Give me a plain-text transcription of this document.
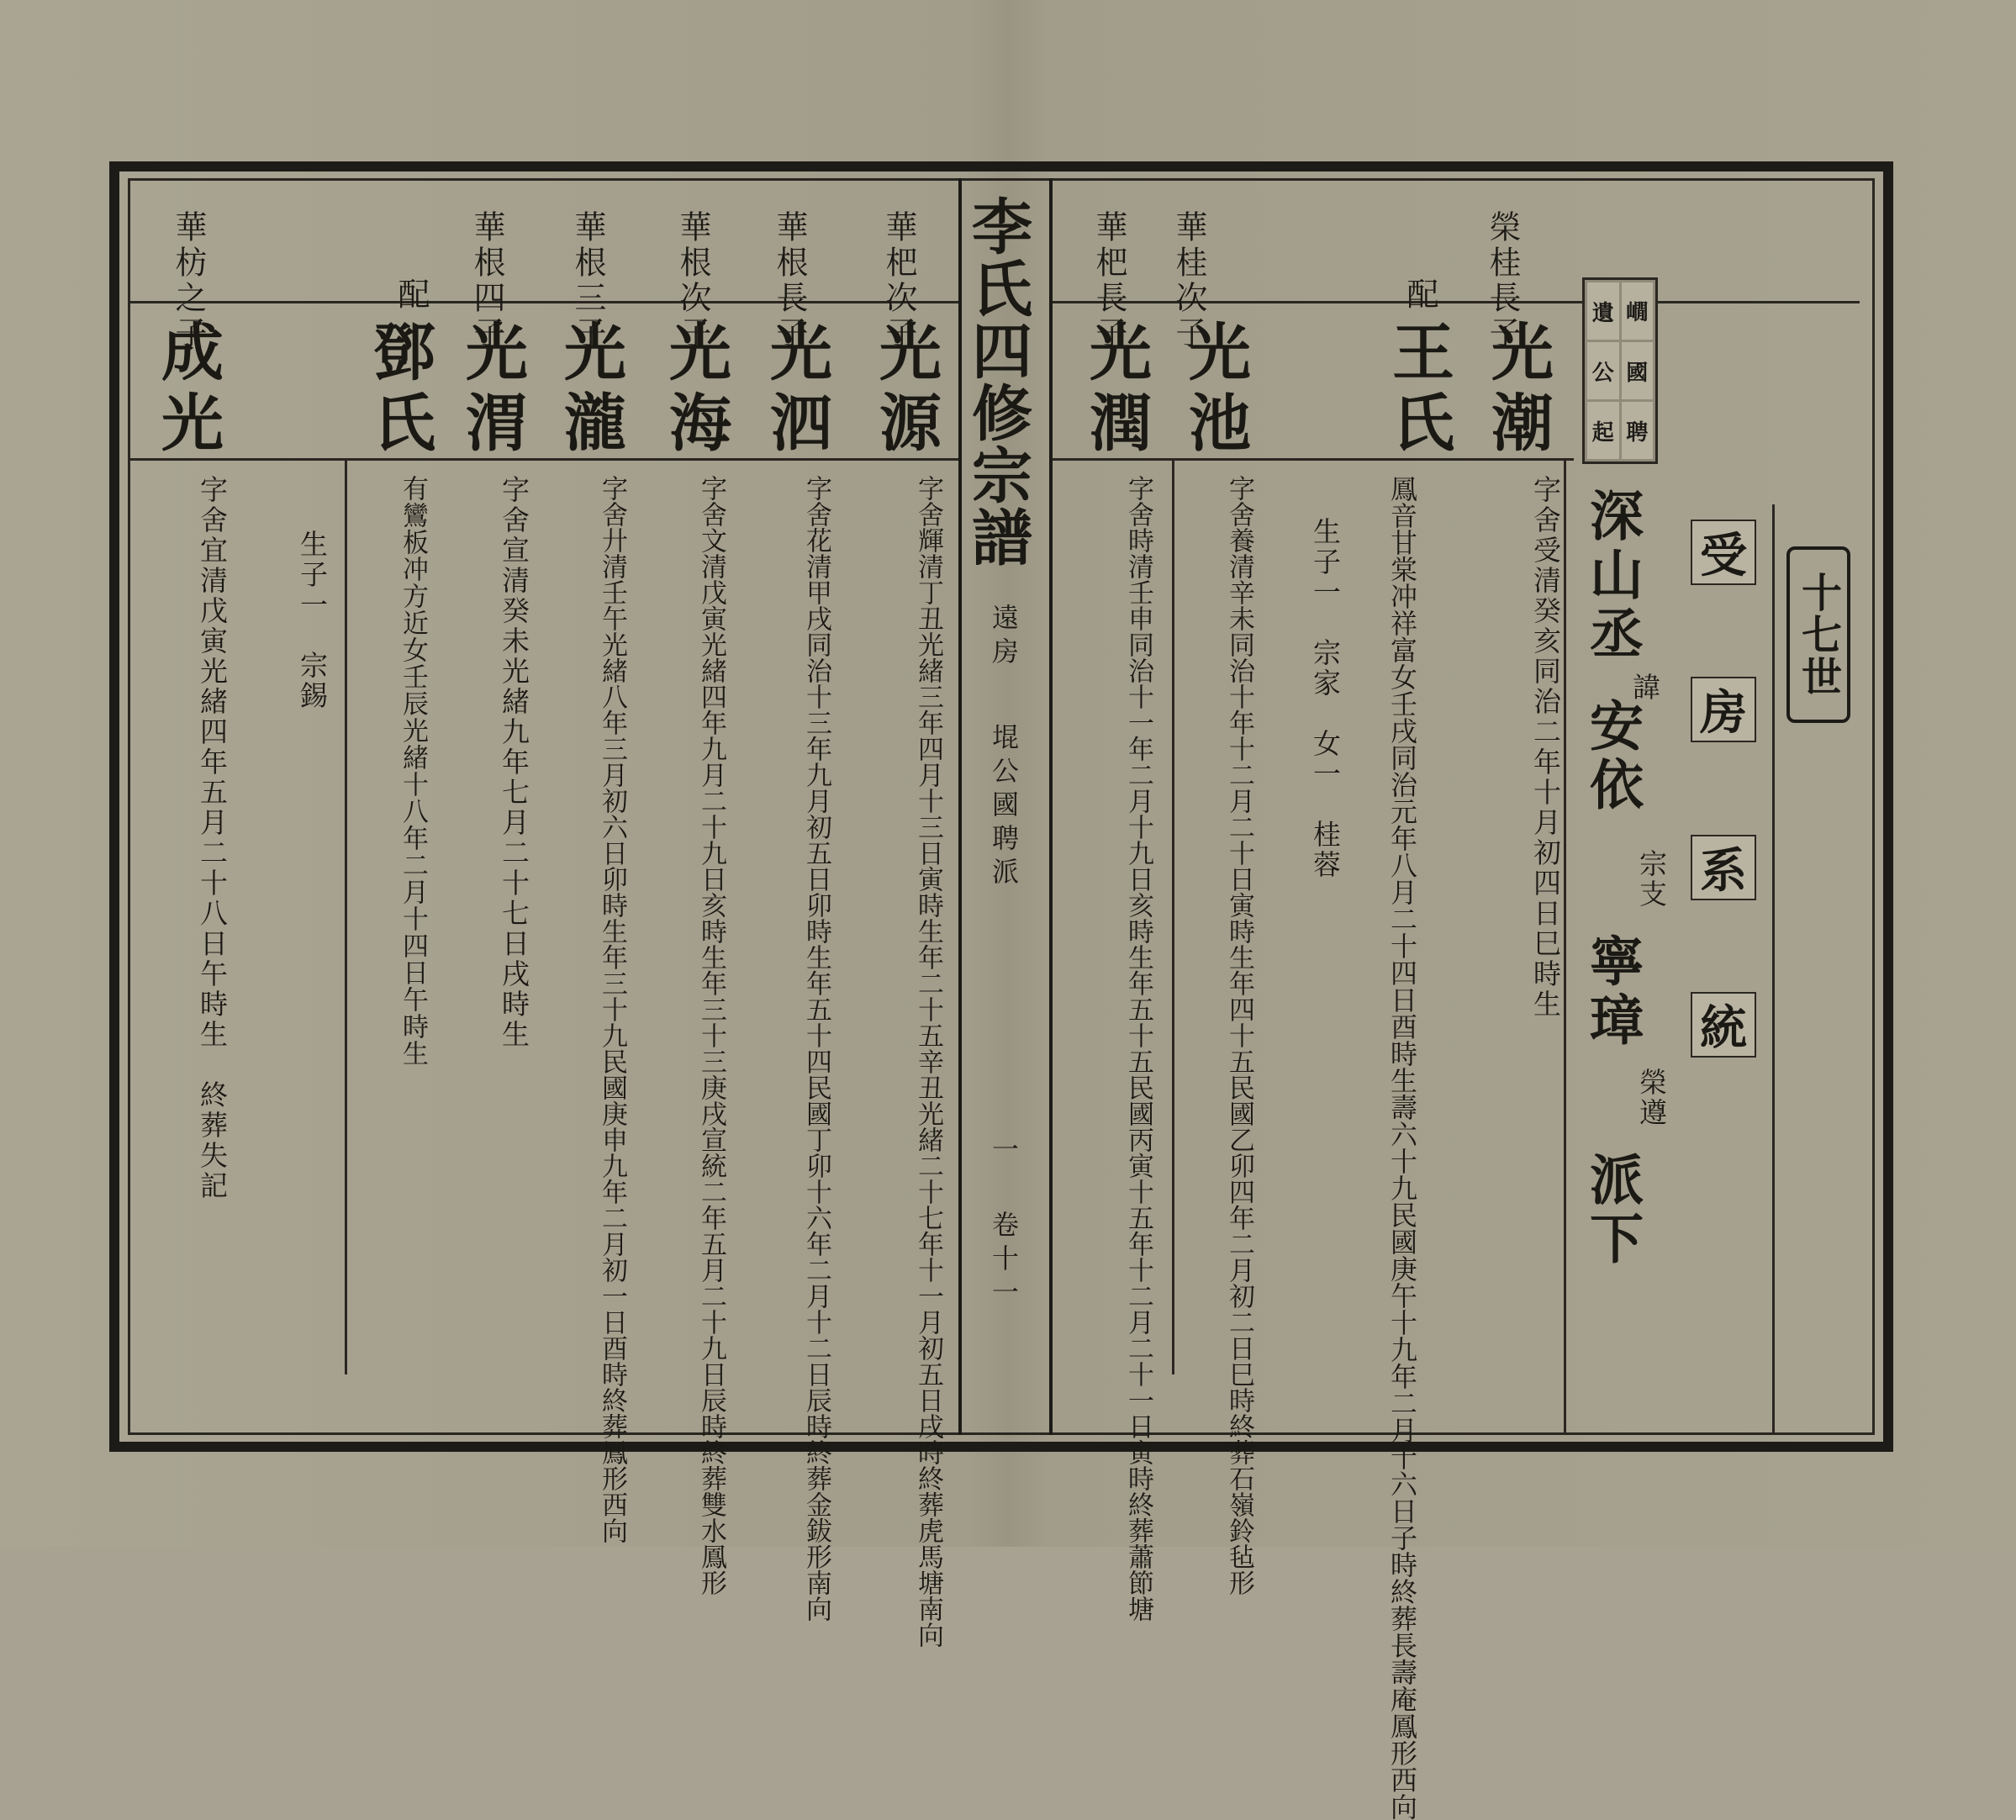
李氏四修宗譜
遠房
堒公國聘派
一
卷十一
十七世
受
房
系
統
遺 𡼥
公 國
起 聘
深山丞
諱
安依
宗支
寧璋
榮遵
派下
榮桂長子
光潮
字舍受清癸亥同治二年十月初四日巳時生
配
王氏
鳳音甘棠冲祥富女壬戌同治元年八月二十四日酉時生壽六十九民國庚午十九年二月十六日子時終葬長壽庵鳳形西向
生子一　宗家　女一　桂蓉
華桂次子
光池
字舍養清辛未同治十年十二月二十日寅時生年四十五民國乙卯四年二月初二日巳時終葬石嶺鈴毡形
華杷長子
光潤
字舍時清壬申同治十一年二月十九日亥時生年五十五民國丙寅十五年十二月二十一日寅時終葬蕭節塘
華杷次子
光源
字舍輝清丁丑光緒三年四月十三日寅時生年二十五辛丑光緒二十七年十一月初五日戌時終葬虎馬塘南向
華根長子
光泗
字舍花清甲戌同治十三年九月初五日卯時生年五十四民國丁卯十六年二月十二日辰時終葬金鈸形南向
華根次子
光海
字舍文清戊寅光緒四年九月二十九日亥時生年三十三庚戌宣統二年五月二十九日辰時終葬雙水鳳形
華根三子
光瀧
字舍廾清壬午光緒八年三月初六日卯時生年三十九民國庚申九年二月初一日酉時終葬鳳形西向
華根四子
光渭
字舍宣清癸未光緒九年七月二十七日戌時生
配
鄧氏
有鸞板冲方近女壬辰光緒十八年二月十四日午時生
生子一　宗錫
華枋之子
成光
字舍宜清戊寅光緒四年五月二十八日午時生　終葬失記
